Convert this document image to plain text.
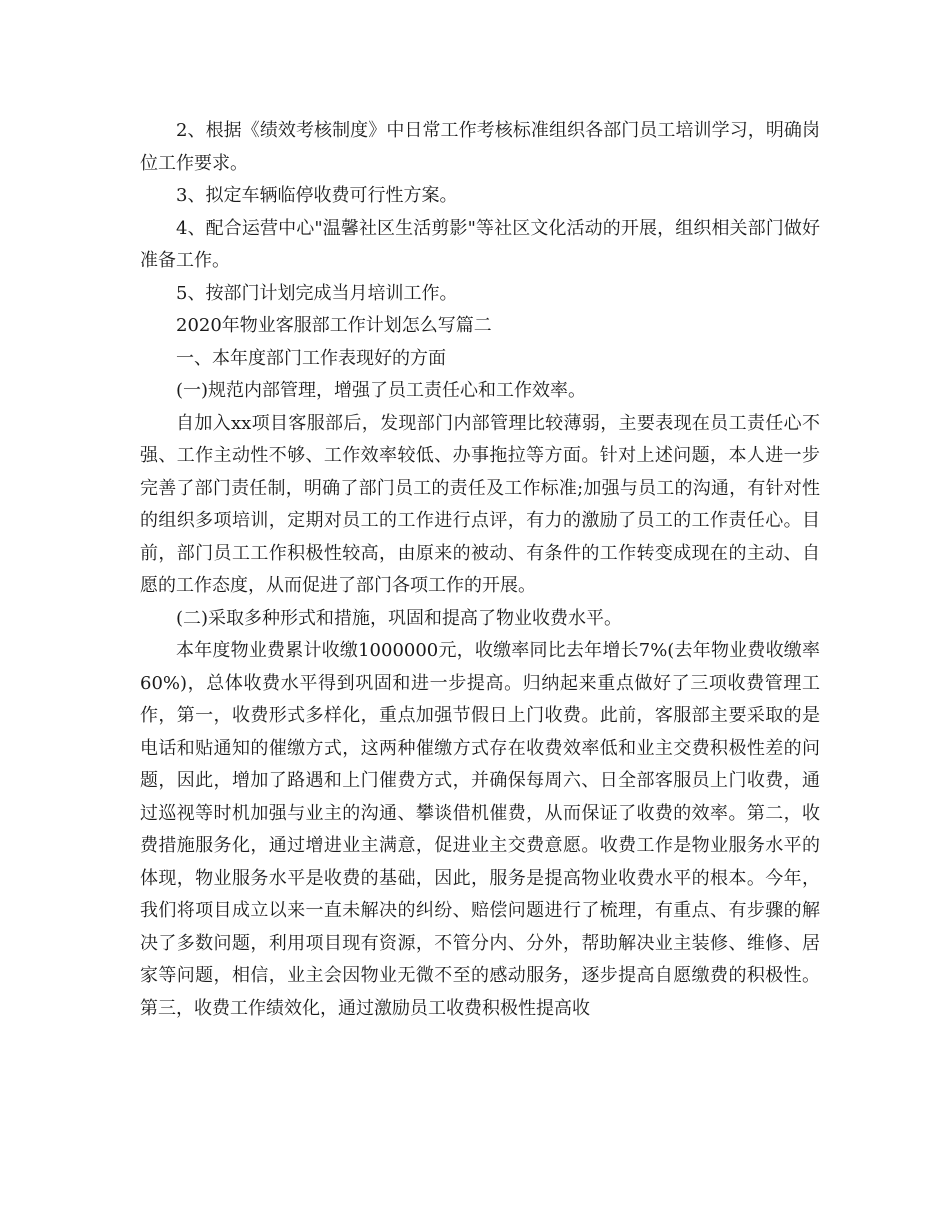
2、根据《绩效考核制度》中日常工作考核标准组织各部门员工培训学习，明确岗位工作要求。

3、拟定车辆临停收费可行性方案。

4、配合运营中心"温馨社区生活剪影"等社区文化活动的开展，组织相关部门做好准备工作。

5、按部门计划完成当月培训工作。

2020年物业客服部工作计划怎么写篇二

一、本年度部门工作表现好的方面

(一)规范内部管理，增强了员工责任心和工作效率。

自加入xx项目客服部后，发现部门内部管理比较薄弱，主要表现在员工责任心不强、工作主动性不够、工作效率较低、办事拖拉等方面。针对上述问题，本人进一步完善了部门责任制，明确了部门员工的责任及工作标准;加强与员工的沟通，有针对性的组织多项培训，定期对员工的工作进行点评，有力的激励了员工的工作责任心。目前，部门员工工作积极性较高，由原来的被动、有条件的工作转变成现在的主动、自愿的工作态度，从而促进了部门各项工作的开展。

(二)采取多种形式和措施，巩固和提高了物业收费水平。

本年度物业费累计收缴1000000元，收缴率同比去年增长7%(去年物业费收缴率60%)，总体收费水平得到巩固和进一步提高。归纳起来重点做好了三项收费管理工作，第一，收费形式多样化，重点加强节假日上门收费。此前，客服部主要采取的是电话和贴通知的催缴方式，这两种催缴方式存在收费效率低和业主交费积极性差的问题，因此，增加了路遇和上门催费方式，并确保每周六、日全部客服员上门收费，通过巡视等时机加强与业主的沟通、攀谈借机催费，从而保证了收费的效率。第二，收费措施服务化，通过增进业主满意，促进业主交费意愿。收费工作是物业服务水平的体现，物业服务水平是收费的基础，因此，服务是提高物业收费水平的根本。今年，我们将项目成立以来一直未解决的纠纷、赔偿问题进行了梳理，有重点、有步骤的解决了多数问题，利用项目现有资源，不管分内、分外，帮助解决业主装修、维修、居家等问题，相信，业主会因物业无微不至的感动服务，逐步提高自愿缴费的积极性。第三，收费工作绩效化，通过激励员工收费积极性提高收
